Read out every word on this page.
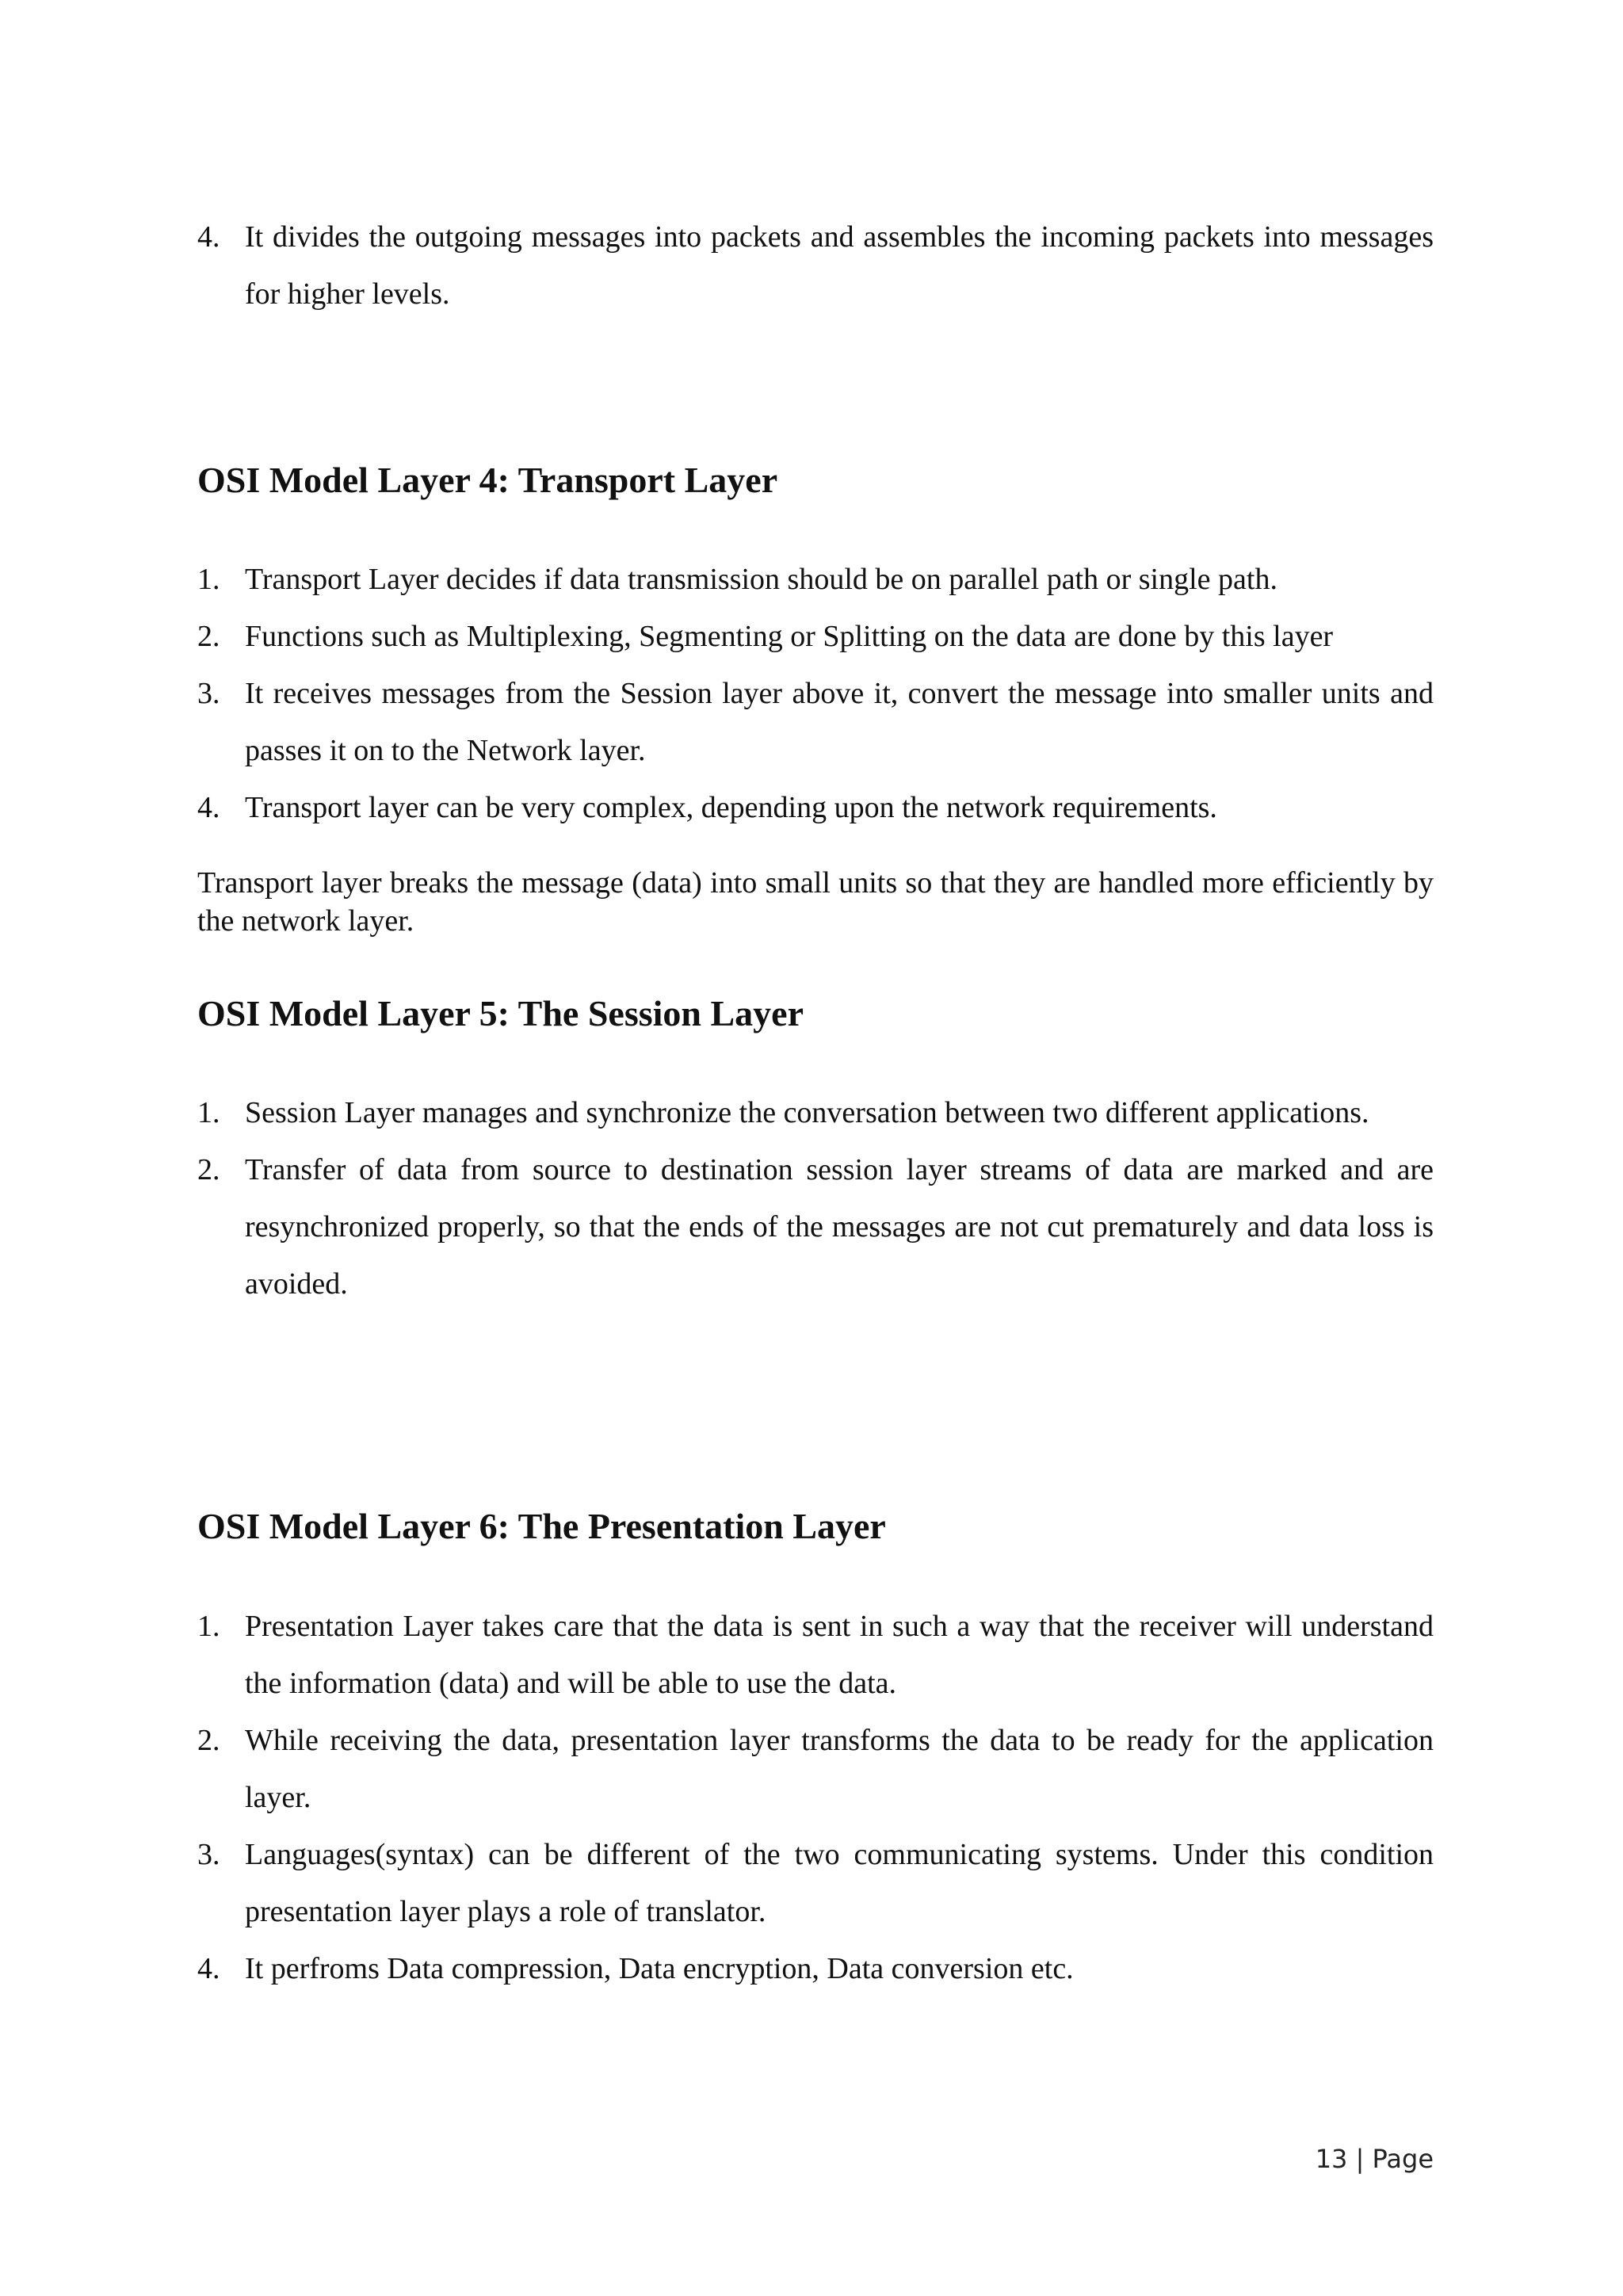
4. It divides the outgoing messages into packets and assembles the incoming packets into messages for higher levels.
OSI Model Layer 4: Transport Layer
1. Transport Layer decides if data transmission should be on parallel path or single path.
2. Functions such as Multiplexing, Segmenting or Splitting on the data are done by this layer
3. It receives messages from the Session layer above it, convert the message into smaller units and passes it on to the Network layer.
4. Transport layer can be very complex, depending upon the network requirements.

Transport layer breaks the message (data) into small units so that they are handled more efficiently by the network layer.

OSI Model Layer 5: The Session Layer
1. Session Layer manages and synchronize the conversation between two different applications.
2. Transfer of data from source to destination session layer streams of data are marked and are resynchronized properly, so that the ends of the messages are not cut prematurely and data loss is avoided.
OSI Model Layer 6: The Presentation Layer
1. Presentation Layer takes care that the data is sent in such a way that the receiver will understand the information (data) and will be able to use the data.
2. While receiving the data, presentation layer transforms the data to be ready for the application layer.
3. Languages(syntax) can be different of the two communicating systems. Under this condition presentation layer plays a role of translator.
4. It perfroms Data compression, Data encryption, Data conversion etc.
13 | Page
